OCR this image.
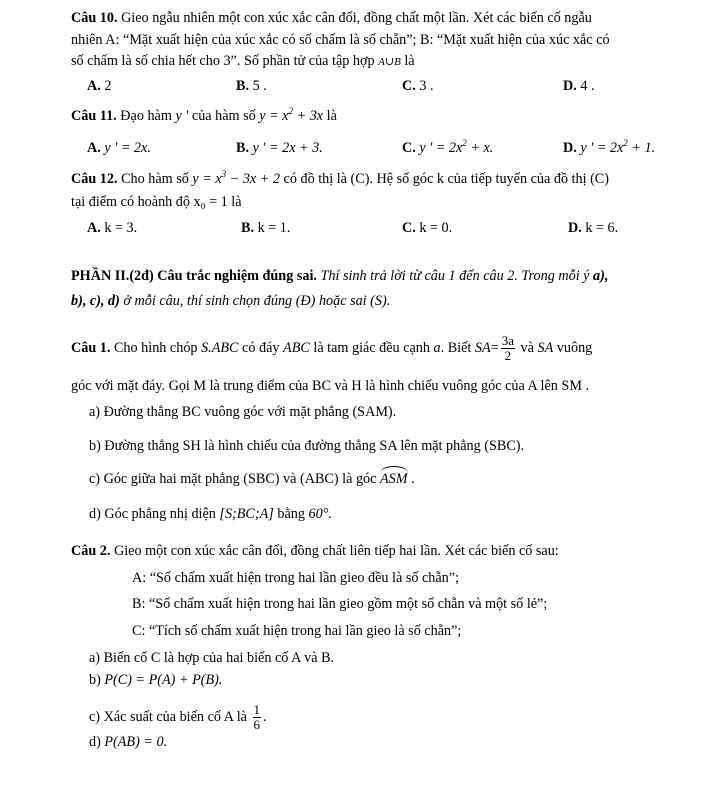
Câu 10. Gieo ngẫu nhiên một con xúc xắc cân đối, đồng chất một lần. Xét các biến cố ngẫu
nhiên A: “Mặt xuất hiện của xúc xắc có số chấm là số chẵn”; B: “Mặt xuất hiện của xúc xắc có
số chấm là số chia hết cho 3”. Số phần tử của tập hợp A∪B là
A. 2	B. 5 .	C. 3 .	D. 4 .
Câu 11. Đạo hàm y ' của hàm số $y = x^2 + 3x$ là
A. y ' = 2x.	B. y ' = 2x + 3.	C. y ' = $2x^2 + x$.	D. y ' = $2x^2 + 1$.
Câu 12. Cho hàm số $y = x^3 - 3x + 2$ có đồ thị là (C). Hệ số góc k của tiếp tuyến của đồ thị (C)
tại điểm có hoành độ x₀ = 1 là
A. k = 3.	B. k = 1.	C. k = 0.	D. k = 6.
PHẦN II.(2đ) Câu trắc nghiệm đúng sai. Thí sinh trả lời từ câu 1 đến câu 2. Trong mỗi ý a),
b), c), d) ở mỗi câu, thí sinh chọn đúng (Đ) hoặc sai (S).
Câu 1. Cho hình chóp S.ABC có đáy ABC là tam giác đều cạnh a. Biết $SA= \frac{3a}{2}$ và SA vuông
góc với mặt đáy. Gọi M là trung điểm của BC và H là hình chiếu vuông góc của A lên SM .
a) Đường thẳng BC vuông góc với mặt phẳng (SAM).
b) Đường thẳng SH là hình chiếu của đường thẳng SA lên mặt phẳng (SBC).
c) Góc giữa hai mặt phẳng (SBC) và (ABC) là góc ASM .
d) Góc phẳng nhị diện [S;BC;A] bằng 60°.
Câu 2. Gieo một con xúc xắc cân đối, đồng chất liên tiếp hai lần. Xét các biến cố sau:
A: “Số chấm xuất hiện trong hai lần gieo đều là số chẵn”;
B: “Số chấm xuất hiện trong hai lần gieo gồm một số chẵn và một số lẻ”;
C: “Tích số chấm xuất hiện trong hai lần gieo là số chẵn”;
a) Biến cố C là hợp của hai biến cố A và B.
b) P(C) = P(A) + P(B).
c) Xác suất của biến cố A là $\frac{1}{6}$ .
d) P(AB) = 0.
